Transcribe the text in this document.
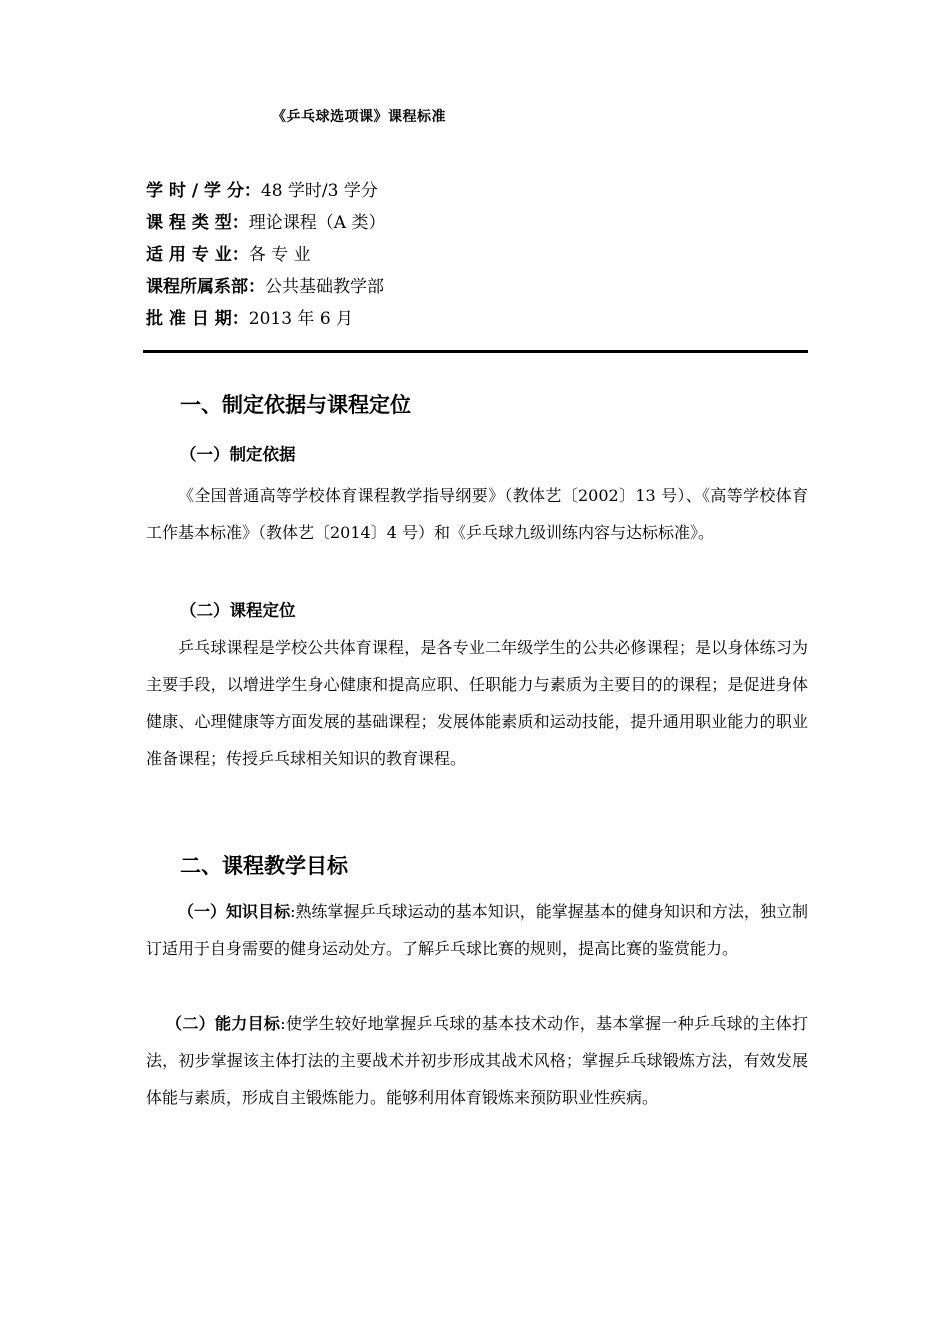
《乒乓球选项课》课程标准
学 时 / 学 分：48 学时/3 学分
课 程 类 型：理论课程（A 类）
适 用 专 业：各 专 业
课程所属系部：公共基础教学部
批 准 日 期：2013 年 6 月
一、制定依据与课程定位
（一）制定依据
《全国普通高等学校体育课程教学指导纲要》（教体艺〔2002〕13 号）、《高等学校体育工作基本标准》（教体艺〔2014〕4 号）和《乒乓球九级训练内容与达标标准》。
（二）课程定位
乒乓球课程是学校公共体育课程，是各专业二年级学生的公共必修课程；是以身体练习为主要手段，以增进学生身心健康和提高应职、任职能力与素质为主要目的的课程；是促进身体健康、心理健康等方面发展的基础课程；发展体能素质和运动技能，提升通用职业能力的职业准备课程；传授乒乓球相关知识的教育课程。
二、课程教学目标
（一）知识目标:熟练掌握乒乓球运动的基本知识，能掌握基本的健身知识和方法，独立制订适用于自身需要的健身运动处方。了解乒乓球比赛的规则，提高比赛的鉴赏能力。
（二）能力目标:使学生较好地掌握乒乓球的基本技术动作，基本掌握一种乒乓球的主体打法，初步掌握该主体打法的主要战术并初步形成其战术风格；掌握乒乓球锻炼方法，有效发展体能与素质，形成自主锻炼能力。能够利用体育锻炼来预防职业性疾病。
